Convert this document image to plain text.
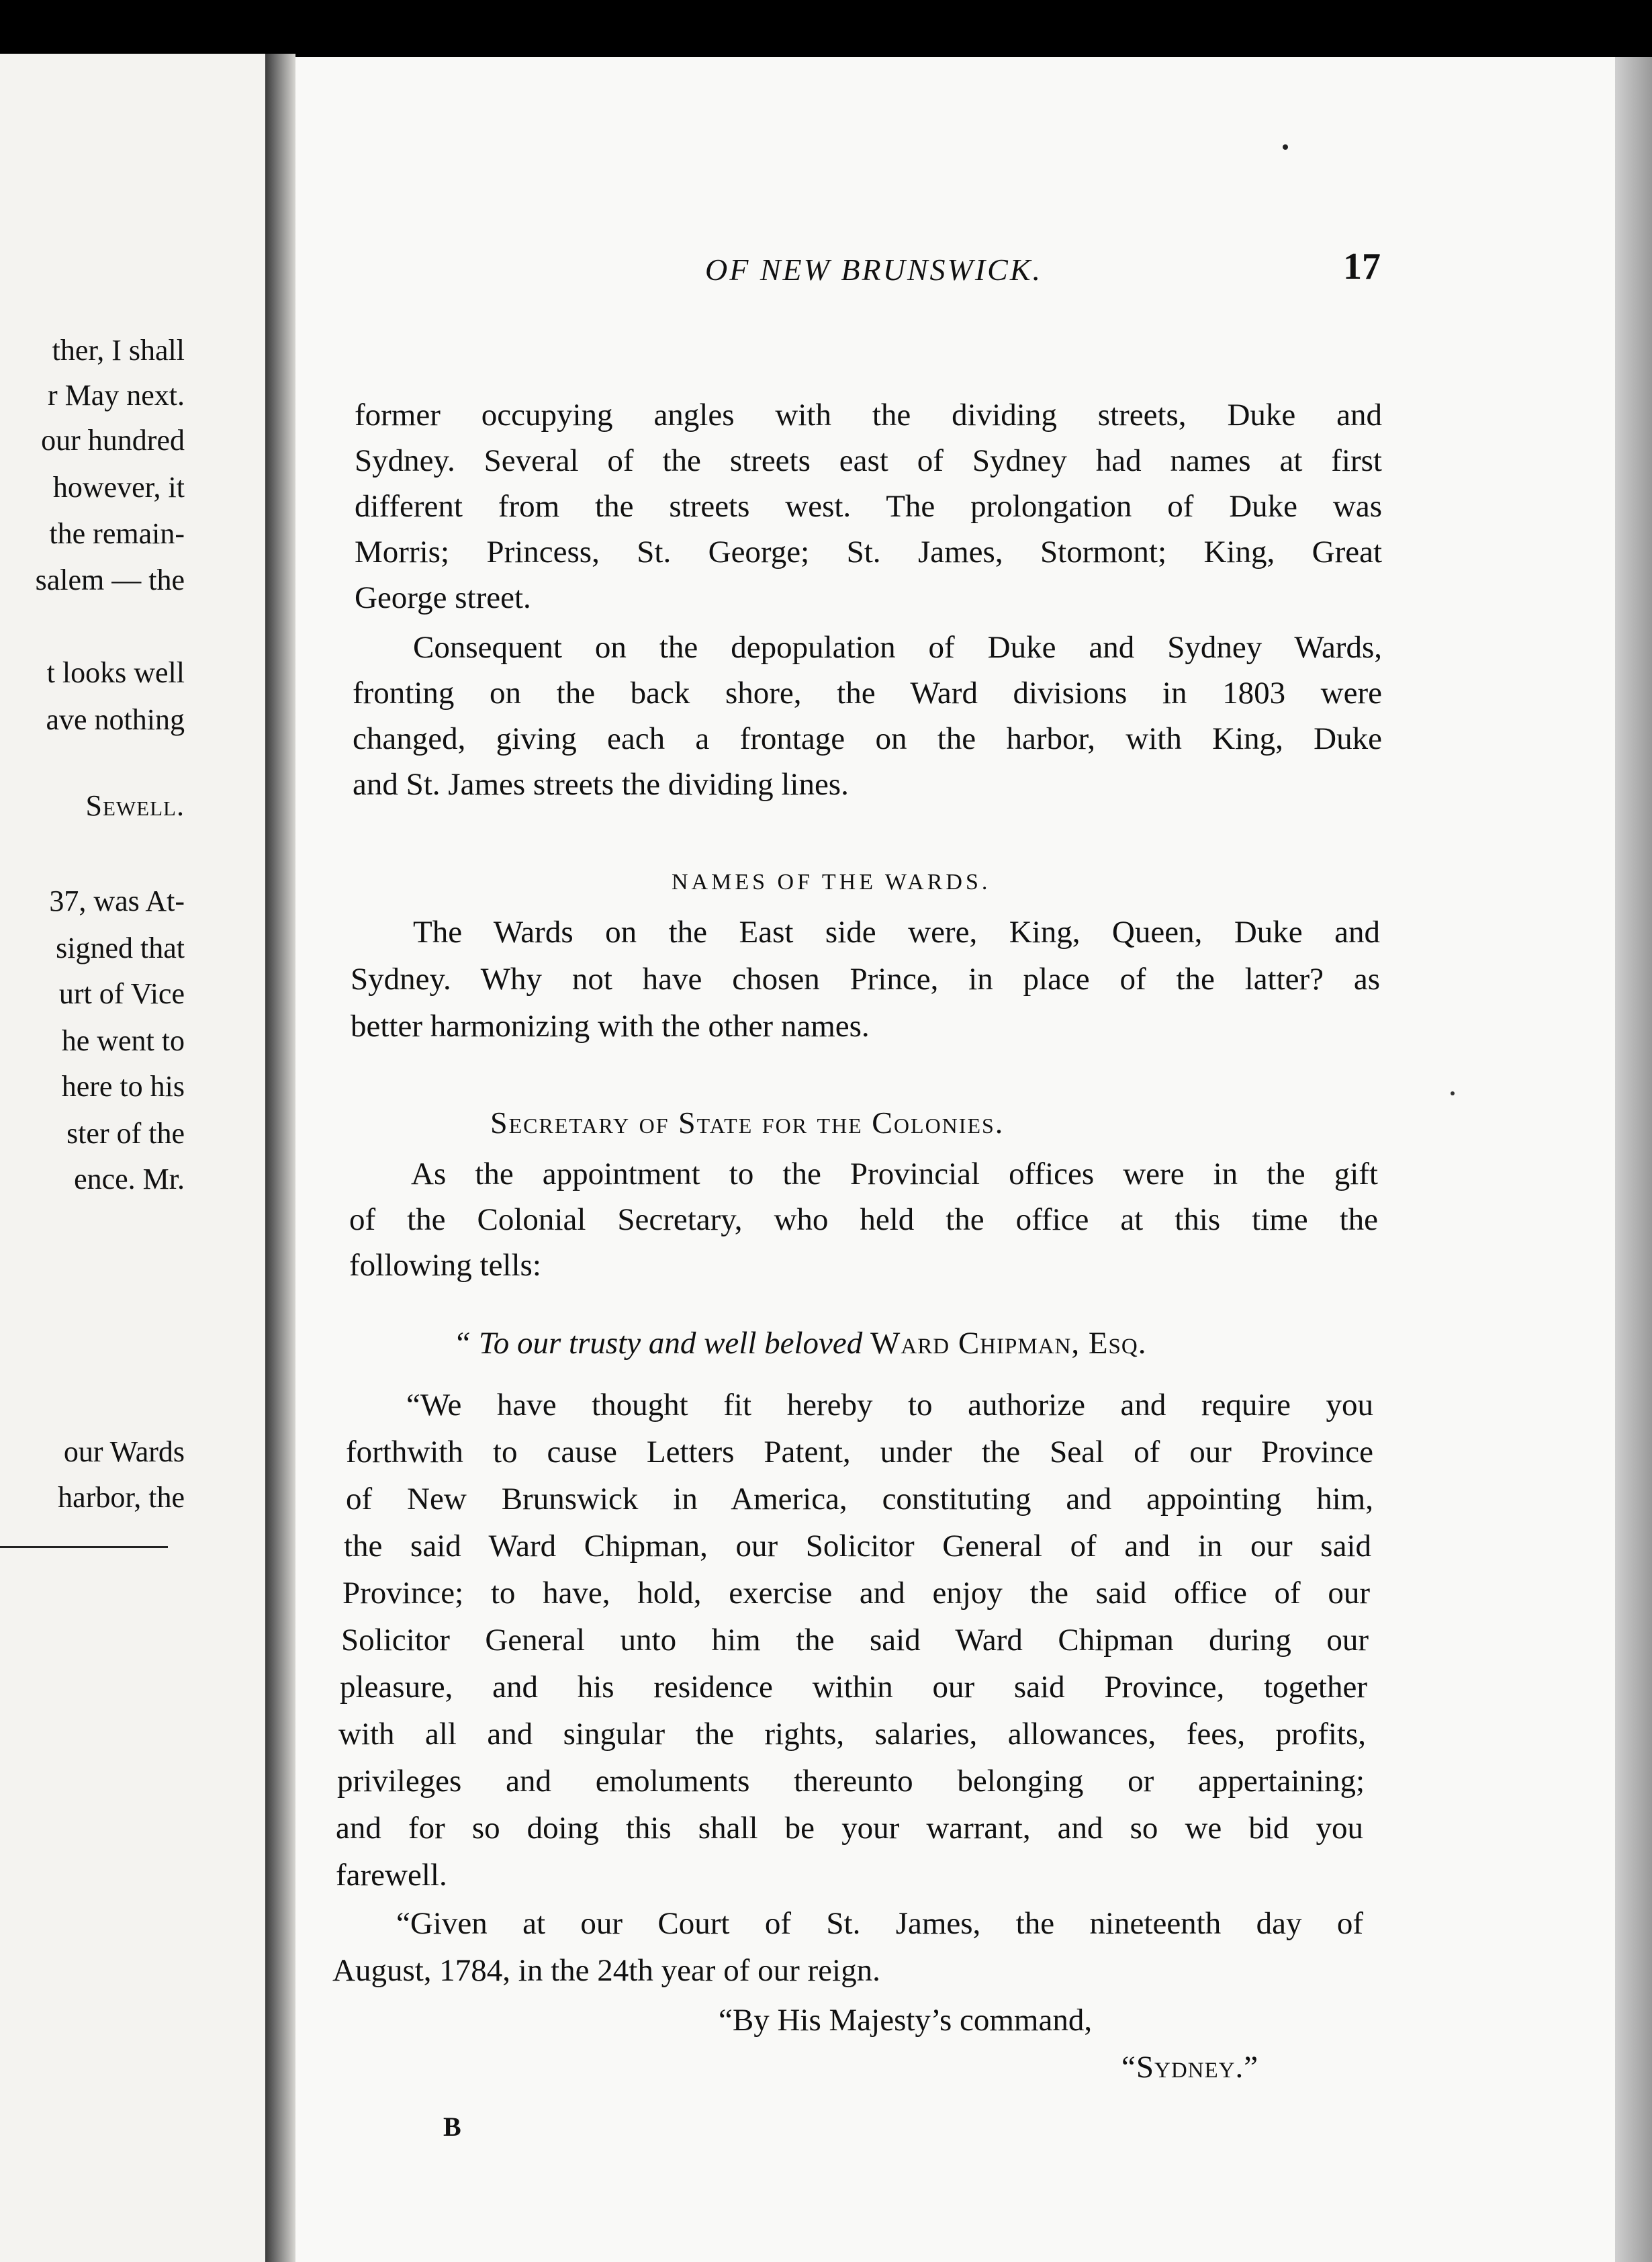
ther, I shall
r May next.
our hundred
however, it
the remain-
salem — the
t looks well
ave nothing
Sewell.
37, was At-
signed that
urt of Vice
he went to
here to his
ster of the
ence. Mr.
our Wards
harbor, the
OF NEW BRUNSWICK.	17
former occupying angles with the dividing streets, Duke and
Sydney. Several of the streets east of Sydney had names at first
different from the streets west. The prolongation of Duke was
Morris; Princess, St. George; St. James, Stormont; King, Great
George street.
Consequent on the depopulation of Duke and Sydney Wards,
fronting on the back shore, the Ward divisions in 1803 were
changed, giving each a frontage on the harbor, with King, Duke
and St. James streets the dividing lines.
NAMES OF THE WARDS.
The Wards on the East side were, King, Queen, Duke and
Sydney. Why not have chosen Prince, in place of the latter? as
better harmonizing with the other names.
Secretary of State for the Colonies.
As the appointment to the Provincial offices were in the gift
of the Colonial Secretary, who held the office at this time the
following tells:
“ To our trusty and well beloved Ward Chipman, Esq.
“We have thought fit hereby to authorize and require you
forthwith to cause Letters Patent, under the Seal of our Province
of New Brunswick in America, constituting and appointing him,
the said Ward Chipman, our Solicitor General of and in our said
Province; to have, hold, exercise and enjoy the said office of our
Solicitor General unto him the said Ward Chipman during our
pleasure, and his residence within our said Province, together
with all and singular the rights, salaries, allowances, fees, profits,
privileges and emoluments thereunto belonging or appertaining;
and for so doing this shall be your warrant, and so we bid you
farewell.
“Given at our Court of St. James, the nineteenth day of
August, 1784, in the 24th year of our reign.
“By His Majesty’s command,
“Sydney.”
B
